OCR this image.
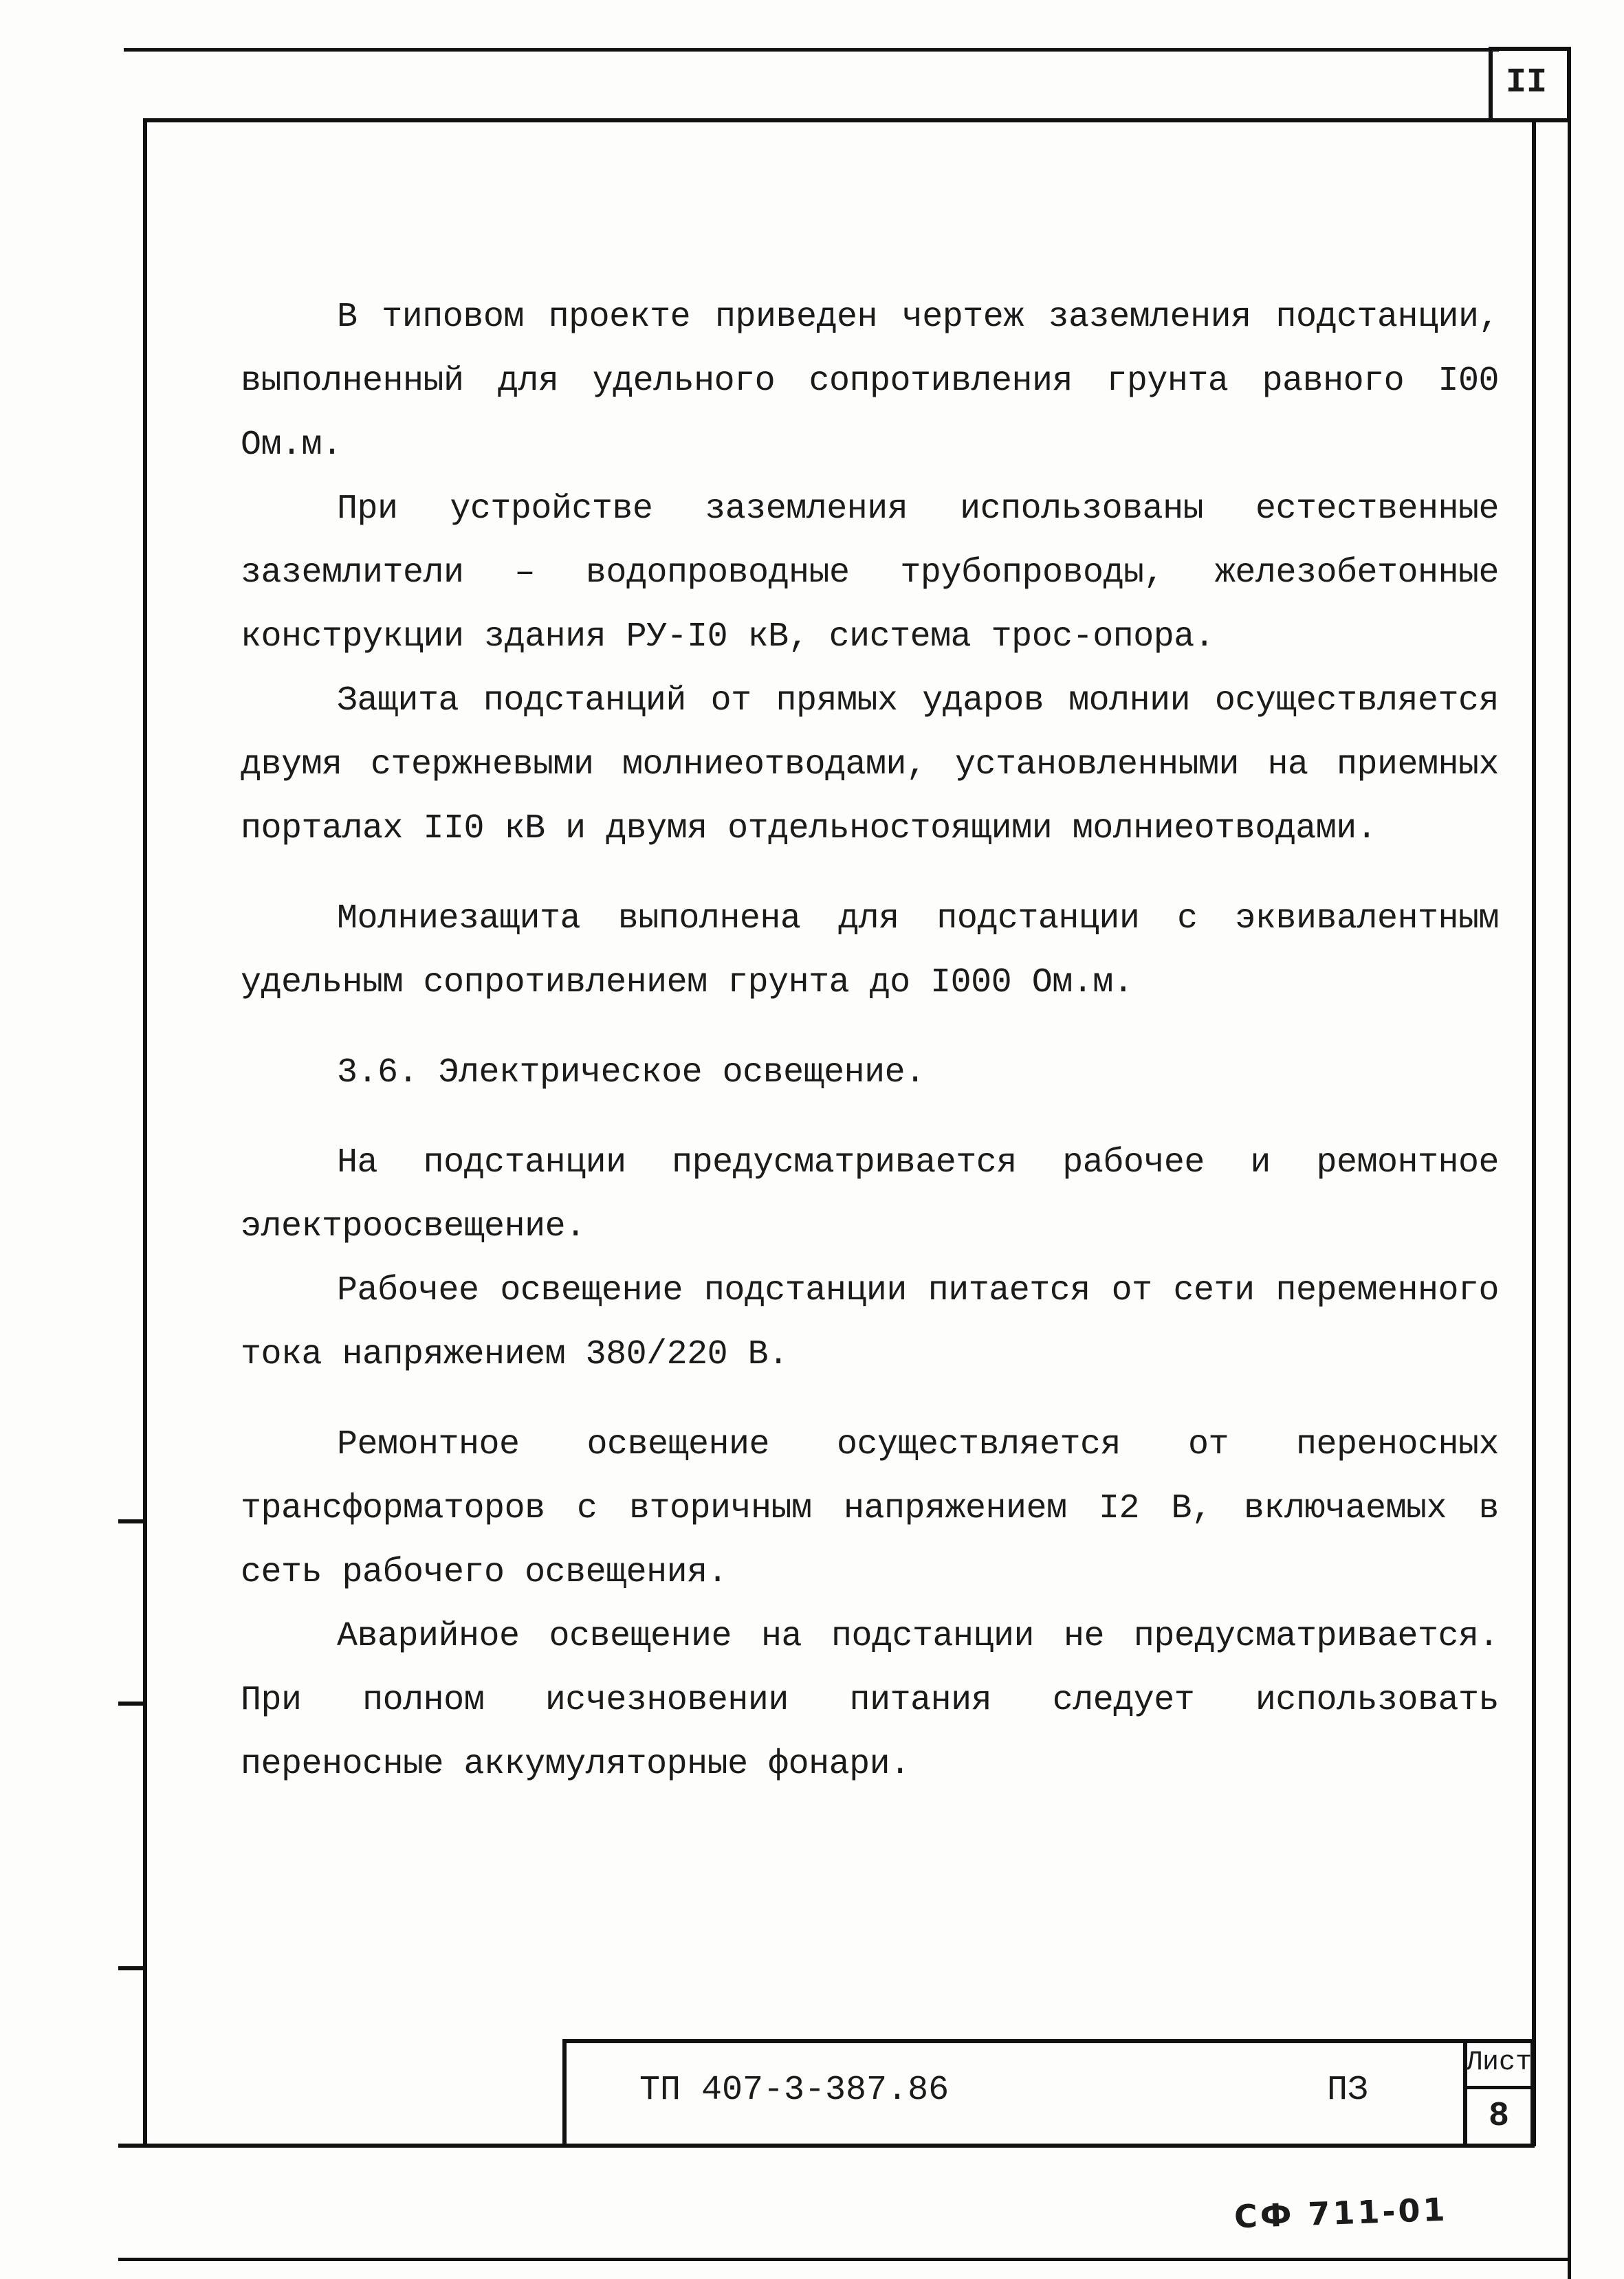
II

В типовом проекте приведен чертеж заземления подстанции, выполненный для удельного сопротивления грунта равного I00 Ом.м.

При устройстве заземления использованы естественные заземлители – водопроводные трубопроводы, железобетонные конструкции здания РУ-I0 кВ, система трос-опора.

Защита подстанций от прямых ударов молнии осуществляется двумя стержневыми молниеотводами, установленными на приемных порталах II0 кВ и двумя отдельностоящими молниеотводами.

Молниезащита выполнена для подстанции с эквивалентным удельным сопротивлением грунта до I000 Ом.м.

3.6. Электрическое освещение.

На подстанции предусматривается рабочее и ремонтное электроосвещение.

Рабочее освещение подстанции питается от сети переменного тока напряжением 380/220 В.

Ремонтное освещение осуществляется от переносных трансформаторов с вторичным напряжением I2 В, включаемых в сеть рабочего освещения.

Аварийное освещение на подстанции не предусматривается. При полном исчезновении питания следует использовать переносные аккумуляторные фонари.

ТП 407-3-387.86	ПЗ
Лист
8
СФ 711-01
